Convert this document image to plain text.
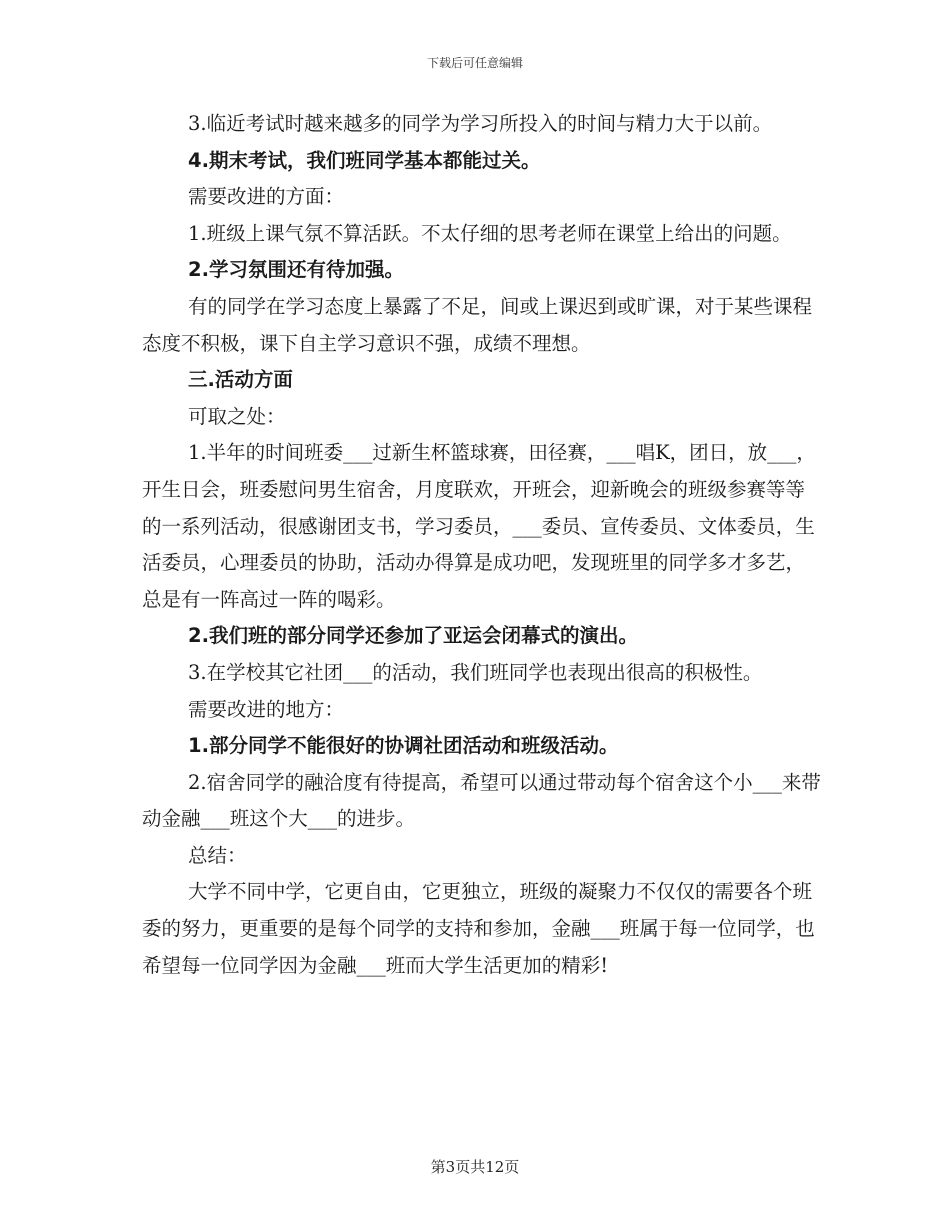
下载后可任意编辑

3.临近考试时越来越多的同学为学习所投入的时间与精力大于以前。

4.期末考试，我们班同学基本都能过关。

需要改进的方面：

1.班级上课气氛不算活跃。不太仔细的思考老师在课堂上给出的问题。

2.学习氛围还有待加强。

有的同学在学习态度上暴露了不足，间或上课迟到或旷课，对于某些课程态度不积极，课下自主学习意识不强，成绩不理想。

三.活动方面

可取之处：

1.半年的时间班委___过新生杯篮球赛，田径赛，___唱K，团日，放___，开生日会，班委慰问男生宿舍，月度联欢，开班会，迎新晚会的班级参赛等等的一系列活动，很感谢团支书，学习委员，___委员、宣传委员、文体委员，生活委员，心理委员的协助，活动办得算是成功吧，发现班里的同学多才多艺，总是有一阵高过一阵的喝彩。

2.我们班的部分同学还参加了亚运会闭幕式的演出。

3.在学校其它社团___的活动，我们班同学也表现出很高的积极性。

需要改进的地方：

1.部分同学不能很好的协调社团活动和班级活动。

2.宿舍同学的融洽度有待提高，希望可以通过带动每个宿舍这个小___来带动金融___班这个大___的进步。

总结：

大学不同中学，它更自由，它更独立，班级的凝聚力不仅仅的需要各个班委的努力，更重要的是每个同学的支持和参加，金融___班属于每一位同学，也希望每一位同学因为金融___班而大学生活更加的精彩!

第3页共12页
